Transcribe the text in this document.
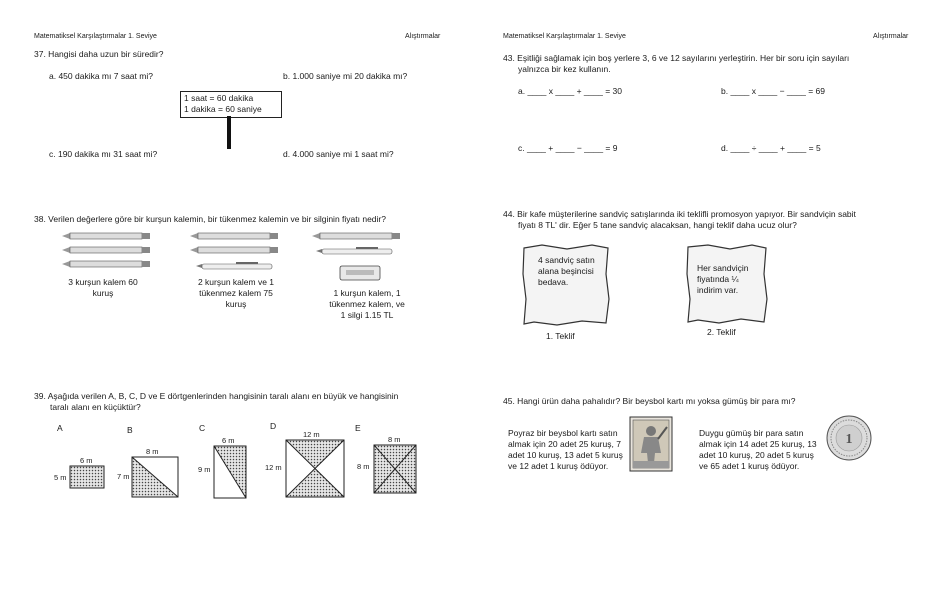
Matematiksel Karşılaştırmalar 1. Seviye	Alıştırmalar
37. Hangisi daha uzun bir süredir?
a. 450 dakika mı 7 saat mi?	b. 1.000 saniye mi 20 dakika mı?
1 saat = 60 dakika
1 dakika = 60 saniye
c. 190 dakika mı 31 saat mi?	d. 4.000 saniye mi 1 saat mi?
38. Verilen değerlere göre bir kurşun kalemin, bir tükenmez kalemin ve bir silginin fiyatı nedir?
3 kurşun kalem 60 kuruş
2 kurşun kalem ve 1 tükenmez kalem 75 kuruş
1 kurşun kalem, 1 tükenmez kalem, ve 1 silgi 1.15 TL
39. Aşağıda verilen A, B, C, D ve E dörtgenlerinden hangisinin taralı alanı en büyük ve hangisinin
taralı alanı en küçüktür?
A	B	C	D	E
6 m
5 m
8 m
7 m
6 m
9 m
12 m
12 m
8 m
8 m
Matematiksel Karşılaştırmalar 1. Seviye	Alıştırmalar
43. Eşitliği sağlamak için boş yerlere 3, 6 ve 12 sayılarını yerleştirin. Her bir soru için sayıları
yalnızca bir kez kullanın.
a. ____ x ____ + ____ = 30	b. ____ x ____ − ____ = 69
c. ____ + ____ − ____ = 9	d. ____ ÷ ____ + ____ = 5
44. Bir kafe müşterilerine sandviç satışlarında iki teklifli promosyon yapıyor. Bir sandviçin sabit
fiyatı 8 TL' dir. Eğer 5 tane sandviç alacaksan, hangi teklif daha ucuz olur?
4 sandviç satın alana beşincisi bedava.
1. Teklif
Her sandviçin fiyatında ¼ indirim var.
2. Teklif
45. Hangi ürün daha pahalıdır? Bir beysbol kartı mı yoksa gümüş bir para mı?
Poyraz bir beysbol kartı satın almak için 20 adet 25 kuruş, 7 adet 10 kuruş, 13 adet 5 kuruş ve 12 adet 1 kuruş ödüyor.
Duygu gümüş bir para satın almak için 14 adet 25 kuruş, 13 adet 10 kuruş, 20 adet 5 kuruş ve 65 adet 1 kuruş ödüyor.
1
